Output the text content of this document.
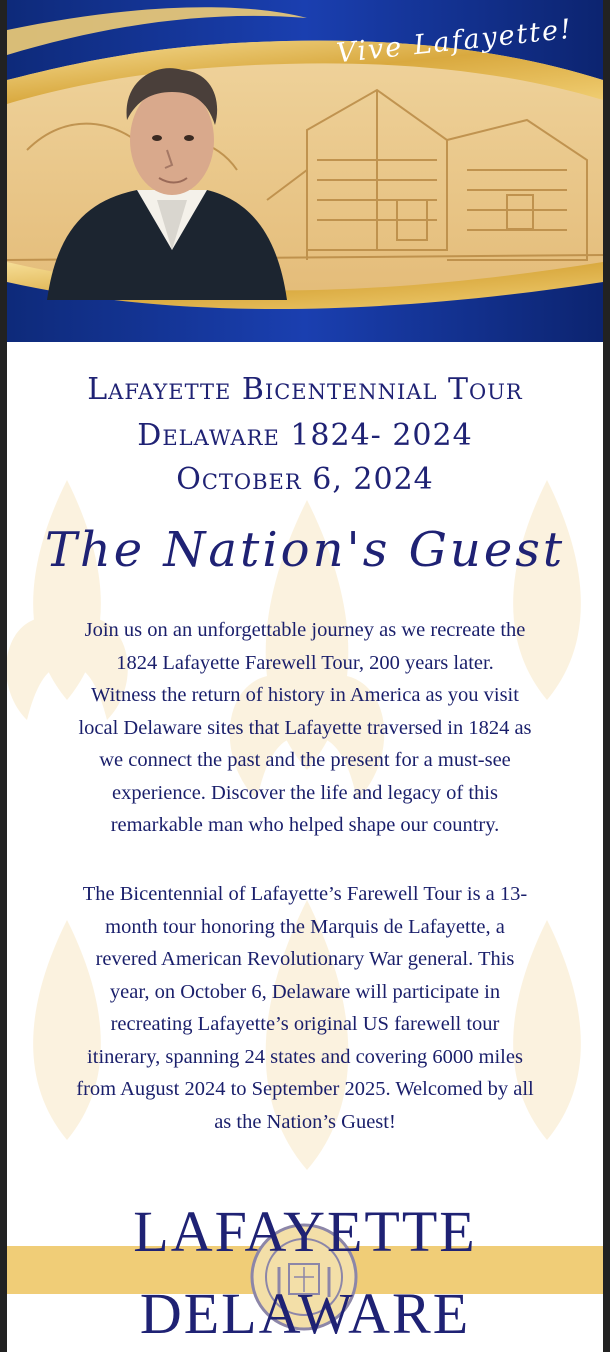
Vive Lafayette!
Lafayette Bicentennial Tour
Delaware 1824- 2024
October 6, 2024
The Nation's Guest
Join us on an unforgettable journey as we recreate the
1824 Lafayette Farewell Tour, 200 years later.
Witness the return of history in America as you visit
local Delaware sites that Lafayette traversed in 1824 as
we connect the past and the present for a must-see
experience. Discover the life and legacy of this
remarkable man who helped shape our country.
The Bicentennial of Lafayette’s Farewell Tour is a 13-
month tour honoring the Marquis de Lafayette, a
revered American Revolutionary War general. This
year, on October 6, Delaware will participate in
recreating Lafayette’s original US farewell tour
itinerary, spanning 24 states and covering 6000 miles
from August 2024 to September 2025. Welcomed by all
as the Nation’s Guest!
LAFAYETTE
DELAWARE
